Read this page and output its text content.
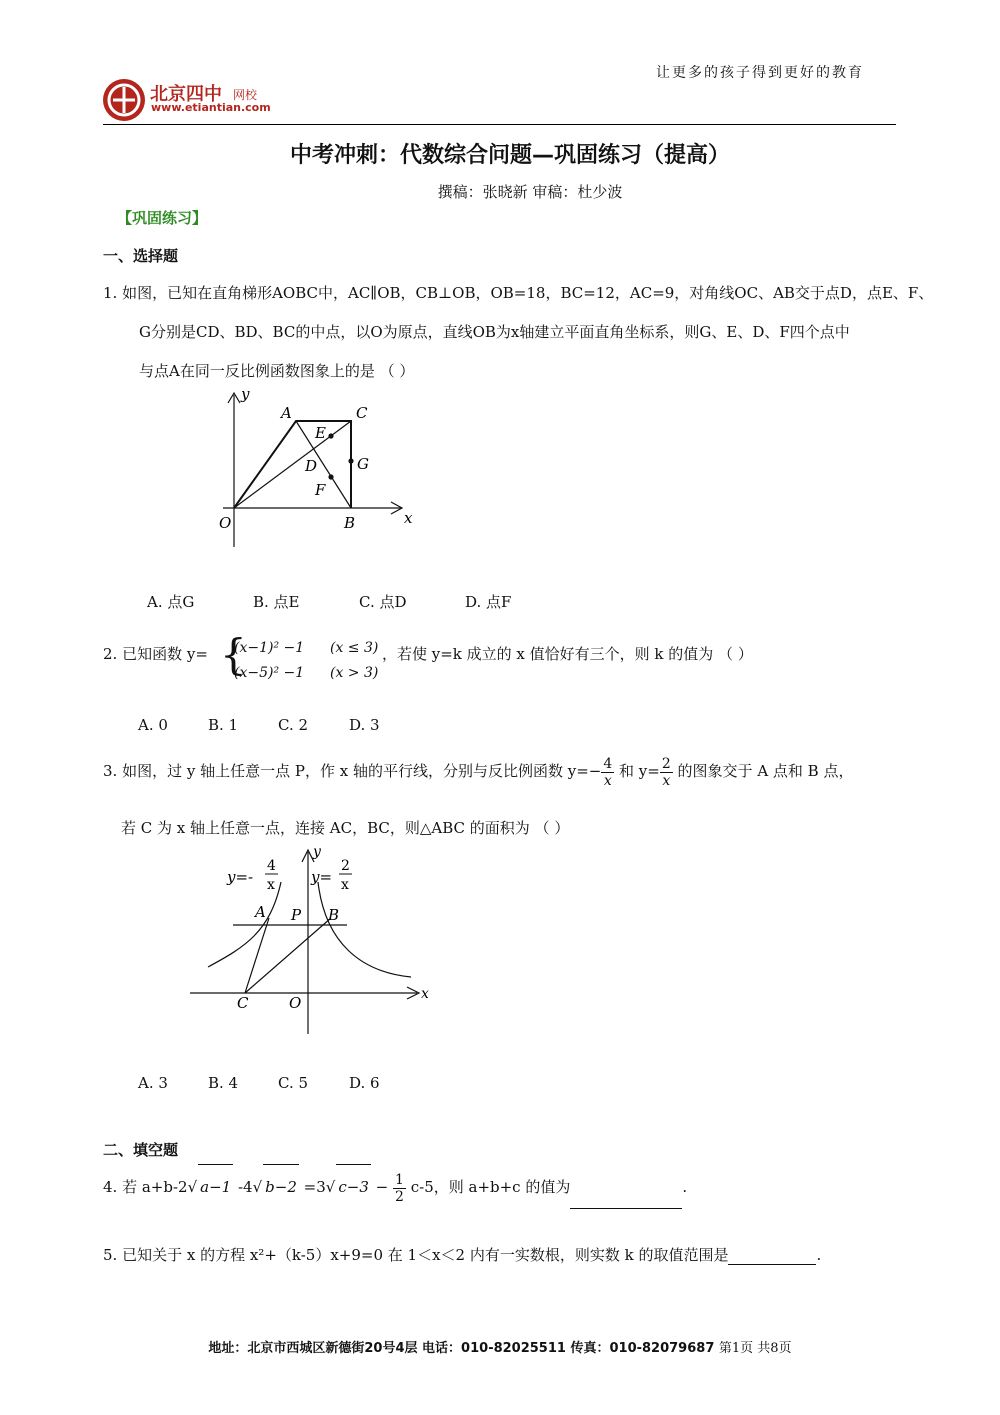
让更多的孩子得到更好的教育
北京四中 网校
www.etiantian.com
中考冲刺：代数综合问题—巩固练习（提高）
撰稿：张晓新 审稿：杜少波
【巩固练习】
一、选择题
1. 如图，已知在直角梯形AOBC中，AC∥OB，CB⊥OB，OB=18，BC=12，AC=9，对角线OC、AB交于点D，点E、F、
G分别是CD、BD、BC的中点，以O为原点，直线OB为x轴建立平面直角坐标系，则G、E、D、F四个点中
与点A在同一反比例函数图象上的是 （ ）
y
x
O
A	C
B
E
D
F
G
A. 点G	B. 点E	C. 点D	D. 点F
2. 已知函数 y= {
(x−1)² −1 (x ≤ 3)
(x−5)² −1 (x > 3)
，若使 y=k 成立的 x 值恰好有三个，则 k 的值为 （ ）
A. 0	B. 1	C. 2	D. 3
3. 如图，过 y 轴上任意一点 P，作 x 轴的平行线，分别与反比例函数 $y=- \frac{4}{x}$ 和 $y= \frac{2}{x}$ 的图象交于 A 点和 B 点，
若 C 为 x 轴上任意一点，连接 AC，BC，则△ABC 的面积为 （ ）
y=-
4
x y=
2
x
y
x
O
C
A P B
A. 3	B. 4	C. 5	D. 6
二、填空题
4. 若 a+b-2√ a−1 -4√ b−2 =3√ $c-3 - \frac{1}{2} c-5$，则 a+b+c 的值为	.
5. 已知关于 x 的方程 x²+（k-5）x+9=0 在 1＜x＜2 内有一实数根，则实数 k 的取值范围是	.
地址：北京市西城区新德街20号4层 电话：010-82025511 传真：010-82079687 第1页 共8页
